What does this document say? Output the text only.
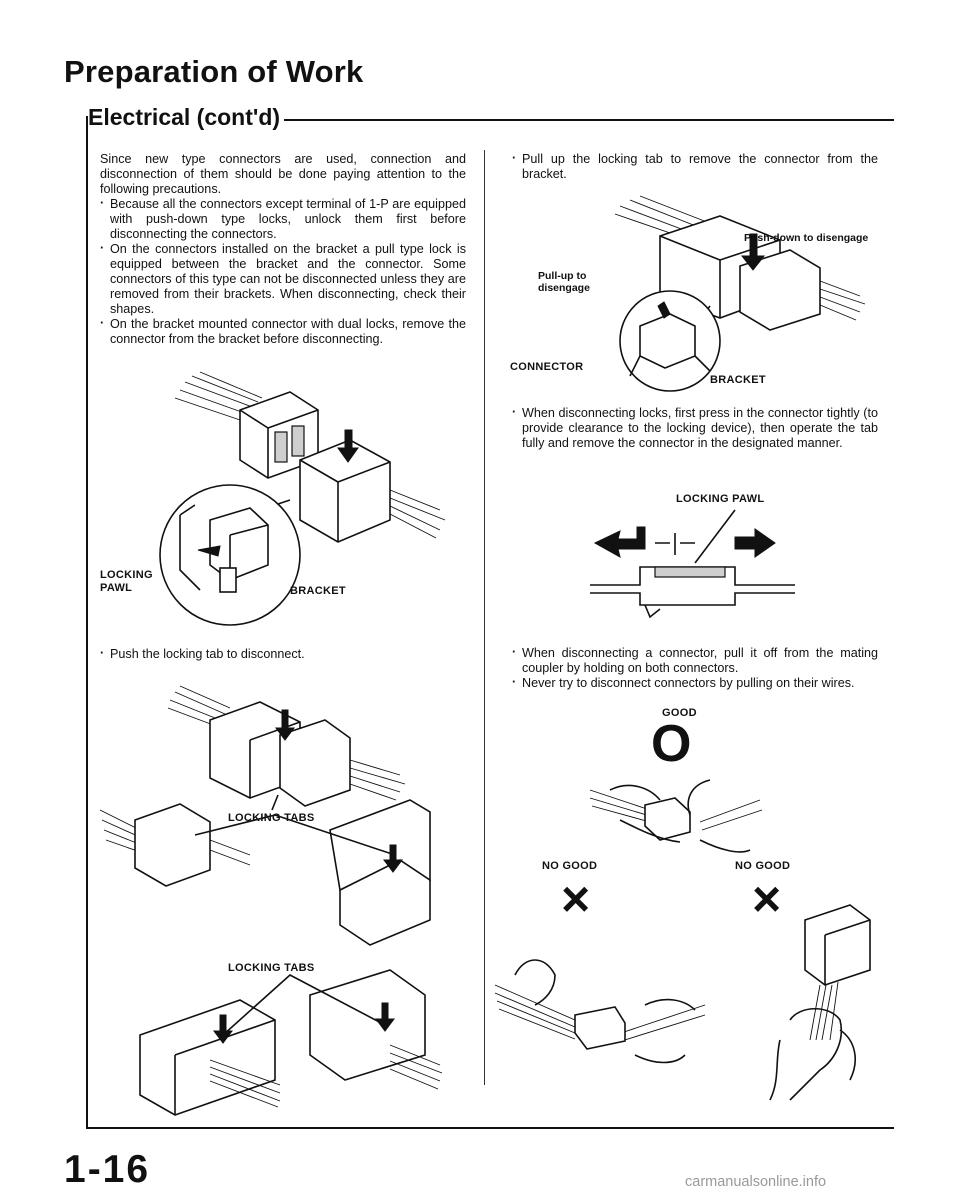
Preparation of Work
Electrical (cont'd)
Since new type connectors are used, connection and disconnection of them should be done paying attention to the following precautions.
· Because all the connectors except terminal of 1-P are equipped with push-down type locks, unlock them first before disconnecting the connectors.
· On the connectors installed on the bracket a pull type lock is equipped between the bracket and the connector. Some connectors of this type can not be disconnected unless they are removed from their brackets. When disconnecting, check their shapes.
· On the bracket mounted connector with dual locks, remove the connector from the bracket before disconnecting.
LOCKING
PAWL	BRACKET
· Push the locking tab to disconnect.
LOCKING TABS
LOCKING TABS
· Pull up the locking tab to remove the connector from the bracket.
Push-down to disengage
Pull-up to
disengage
CONNECTOR
BRACKET
· When disconnecting locks, first press in the connector tightly (to provide clearance to the locking device), then operate the tab fully and remove the connector in the designated manner.
LOCKING PAWL
· When disconnecting a connector, pull it off from the mating coupler by holding on both connectors.
· Never try to disconnect connectors by pulling on their wires.
GOOD
O
NO GOOD
×
NO GOOD
×
1-16	carmanualsonline.info
